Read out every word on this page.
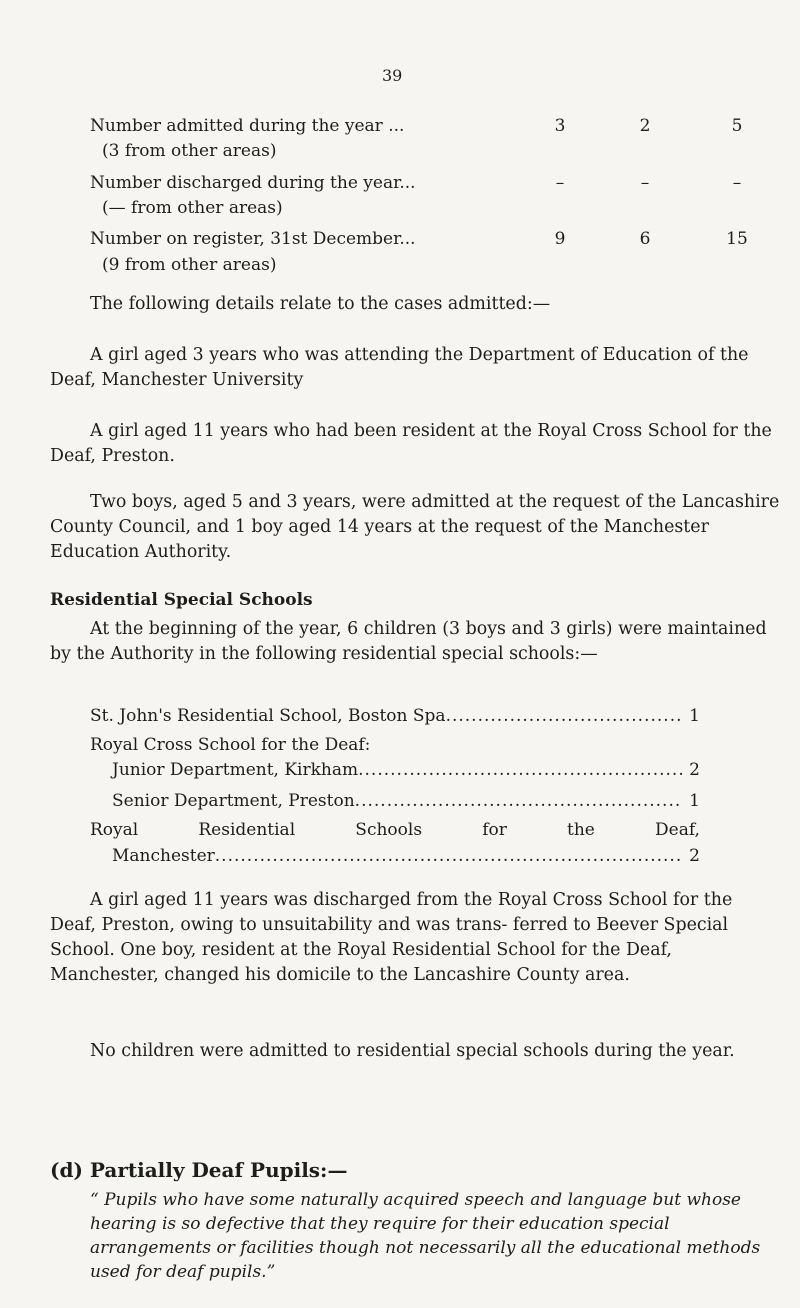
39
Number admitted during the year ...
(3 from other areas)
3	2	5
Number discharged during the year...
(— from other areas)
–	–	–
Number on register, 31st December...
(9 from other areas)
9	6	15

The following details relate to the cases admitted:—

A girl aged 3 years who was attending the Department of Education of the Deaf, Manchester University

A girl aged 11 years who had been resident at the Royal Cross School for the Deaf, Preston.

Two boys, aged 5 and 3 years, were admitted at the request of the Lancashire County Council, and 1 boy aged 14 years at the request of the Manchester Education Authority.

Residential Special Schools

At the beginning of the year, 6 children (3 boys and 3 girls) were maintained by the Authority in the following residential special schools:—

St. John's Residential School, Boston Spa .....	1
Royal Cross School for the Deaf:
Junior Department, Kirkham .....	2
Senior Department, Preston .....	1
Royal	Residential	Schools	for	the	Deaf,
Manchester .....	2

A girl aged 11 years was discharged from the Royal Cross School for the Deaf, Preston, owing to unsuitability and was trans- ferred to Beever Special School. One boy, resident at the Royal Residential School for the Deaf, Manchester, changed his domicile to the Lancashire County area.

No children were admitted to residential special schools during the year.

(d) Partially Deaf Pupils:—

“ Pupils who have some naturally acquired speech and language but whose hearing is so defective that they require for their education special arrangements or facilities though not necessarily all the educational methods used for deaf pupils.”
